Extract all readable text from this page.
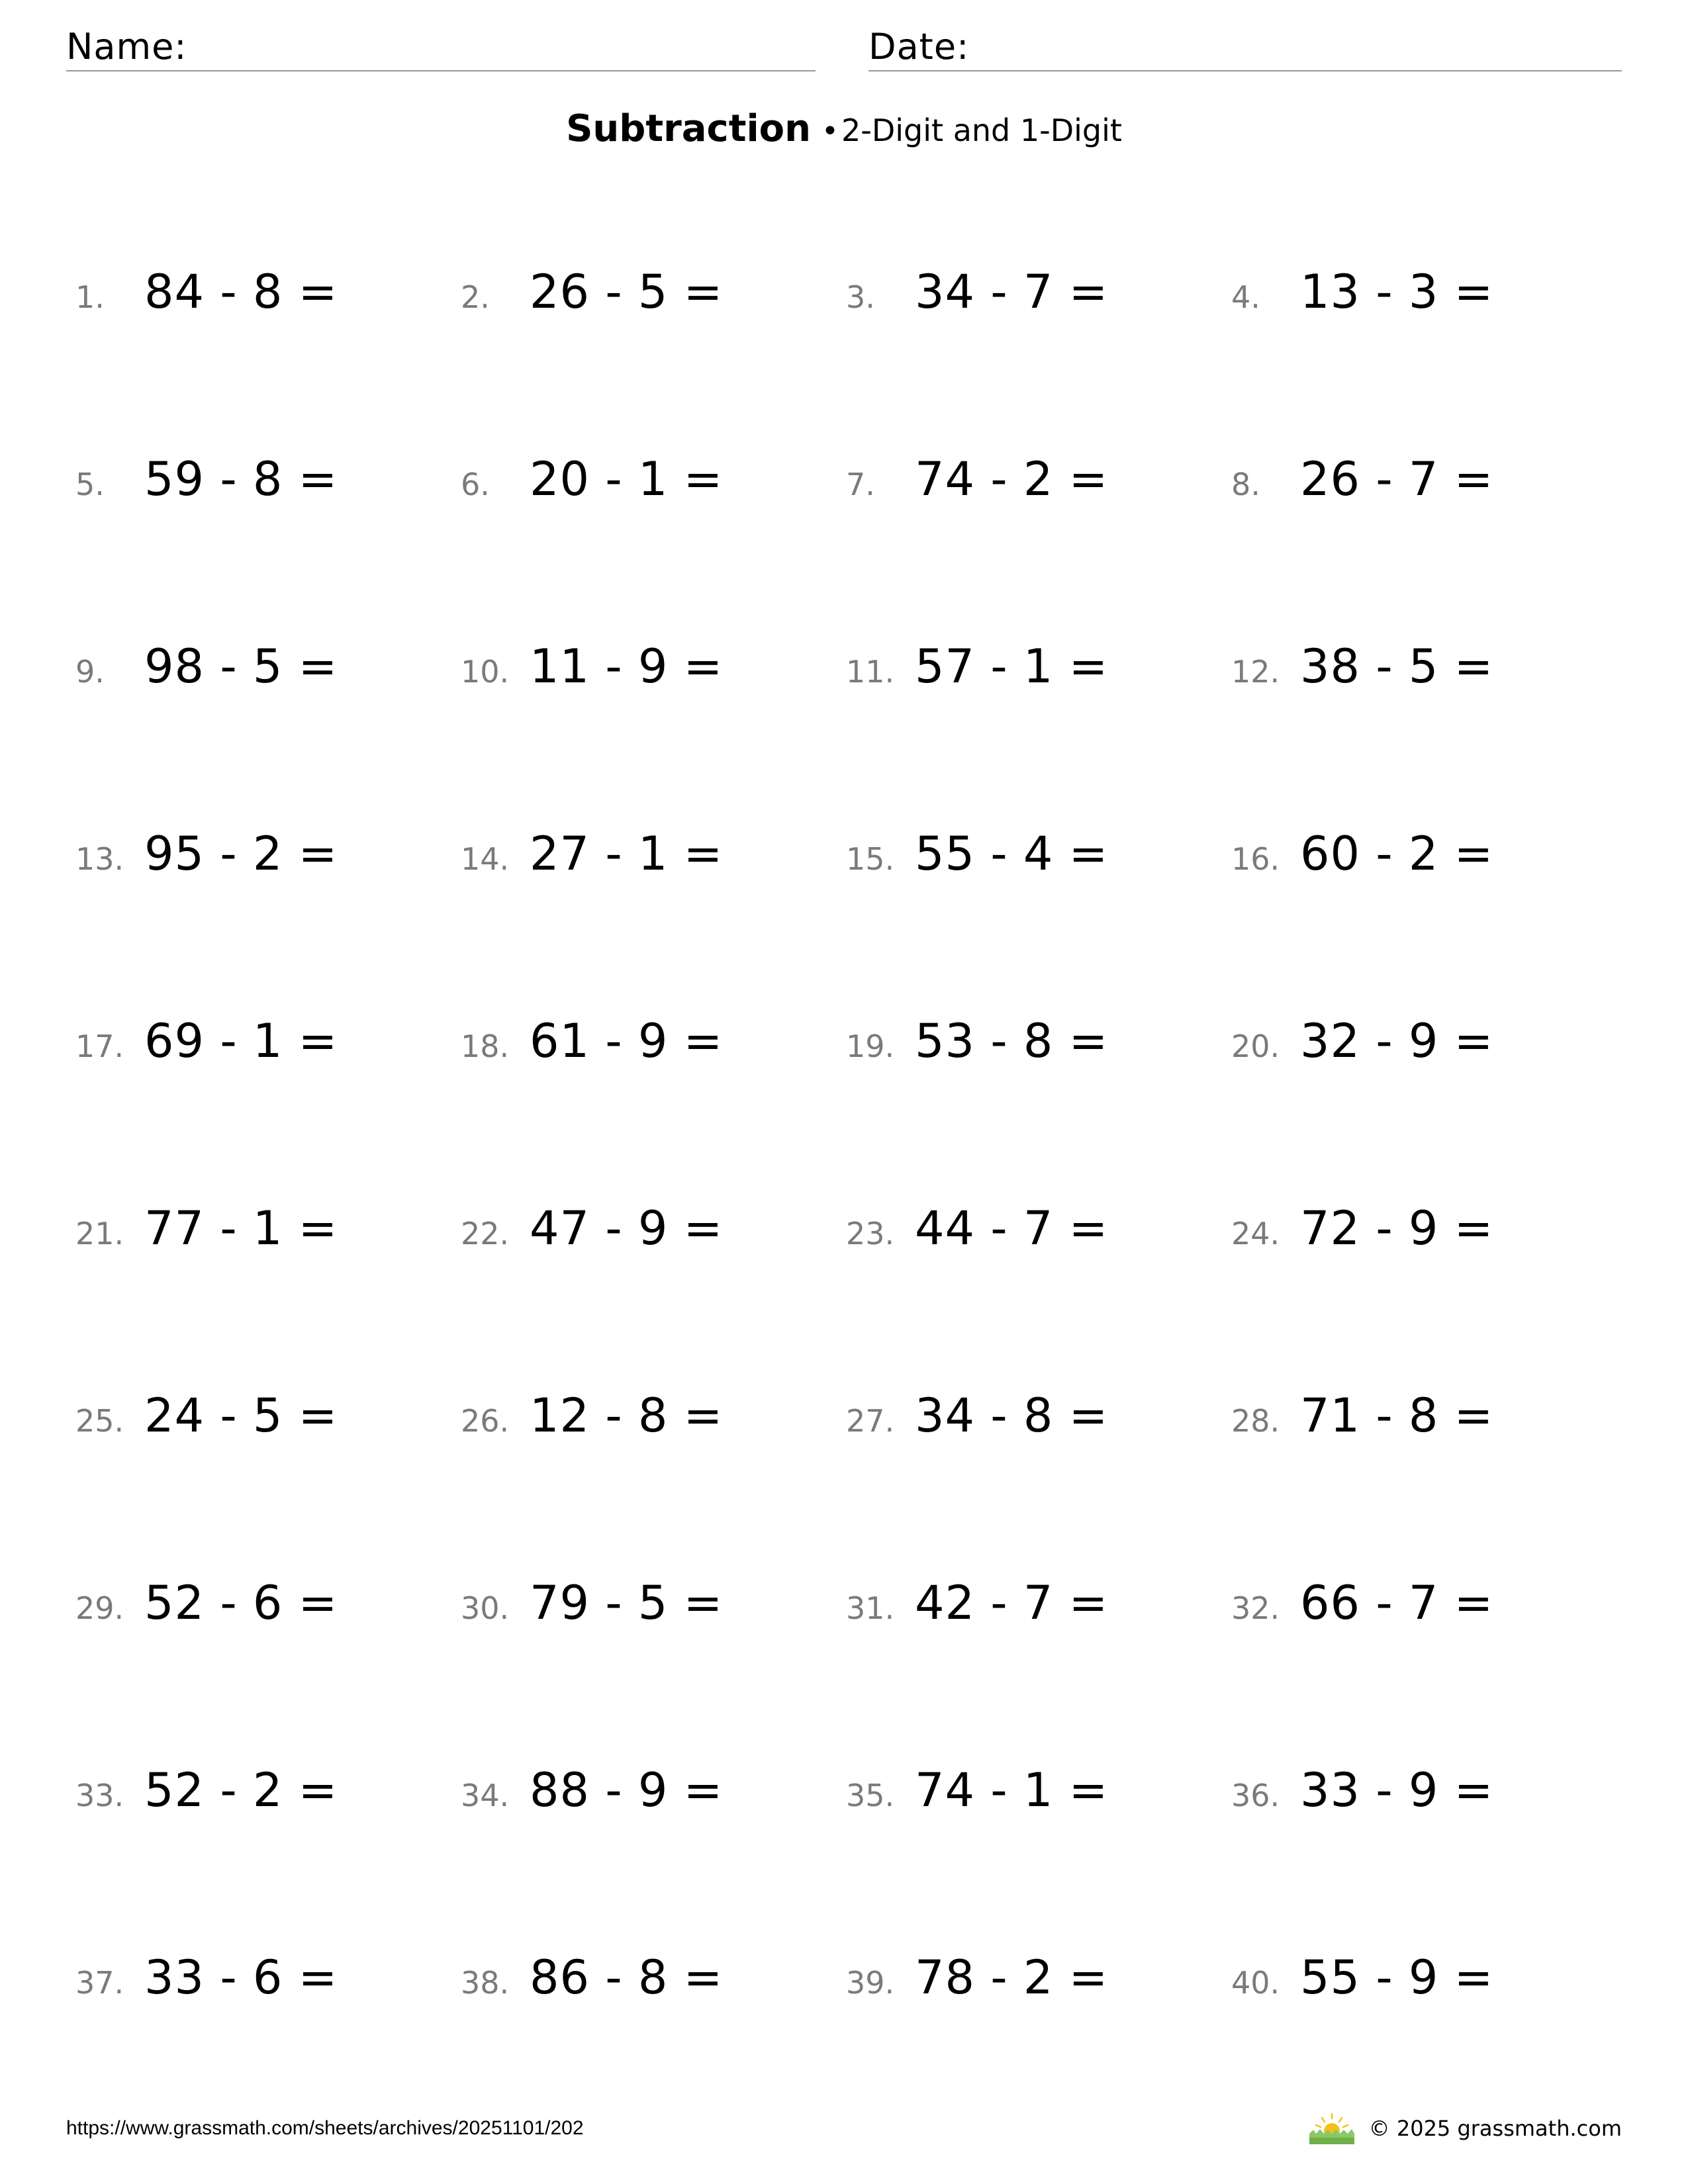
Name:	Date:
Subtraction •2-Digit and 1-Digit
1. 84 - 8 =	2. 26 - 5 =	3. 34 - 7 =	4. 13 - 3 =
5. 59 - 8 =	6. 20 - 1 =	7. 74 - 2 =	8. 26 - 7 =
9. 98 - 5 =	10. 11 - 9 =	11. 57 - 1 =	12. 38 - 5 =
13. 95 - 2 =	14. 27 - 1 =	15. 55 - 4 =	16. 60 - 2 =
17. 69 - 1 =	18. 61 - 9 =	19. 53 - 8 =	20. 32 - 9 =
21. 77 - 1 =	22. 47 - 9 =	23. 44 - 7 =	24. 72 - 9 =
25. 24 - 5 =	26. 12 - 8 =	27. 34 - 8 =	28. 71 - 8 =
29. 52 - 6 =	30. 79 - 5 =	31. 42 - 7 =	32. 66 - 7 =
33. 52 - 2 =	34. 88 - 9 =	35. 74 - 1 =	36. 33 - 9 =
37. 33 - 6 =	38. 86 - 8 =	39. 78 - 2 =	40. 55 - 9 =
https://www.grassmath.com/sheets/archives/20251101/202	© 2025 grassmath.com
